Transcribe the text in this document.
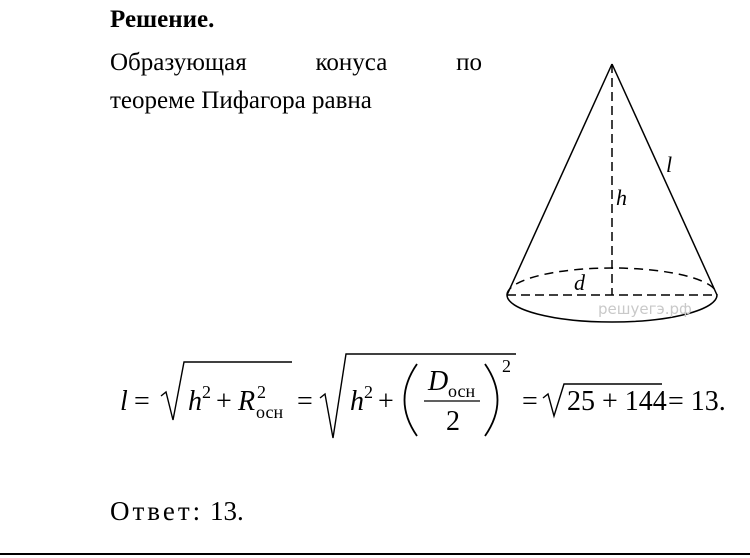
Решение.
Образующая	конуса	по
теореме Пифагора равна
l
h
d
решуегэ.рф
l = h 2 + R 2
осн = h 2 +
D осн
2
2
= 25 + 144 = 13.
Ответ: 13.
